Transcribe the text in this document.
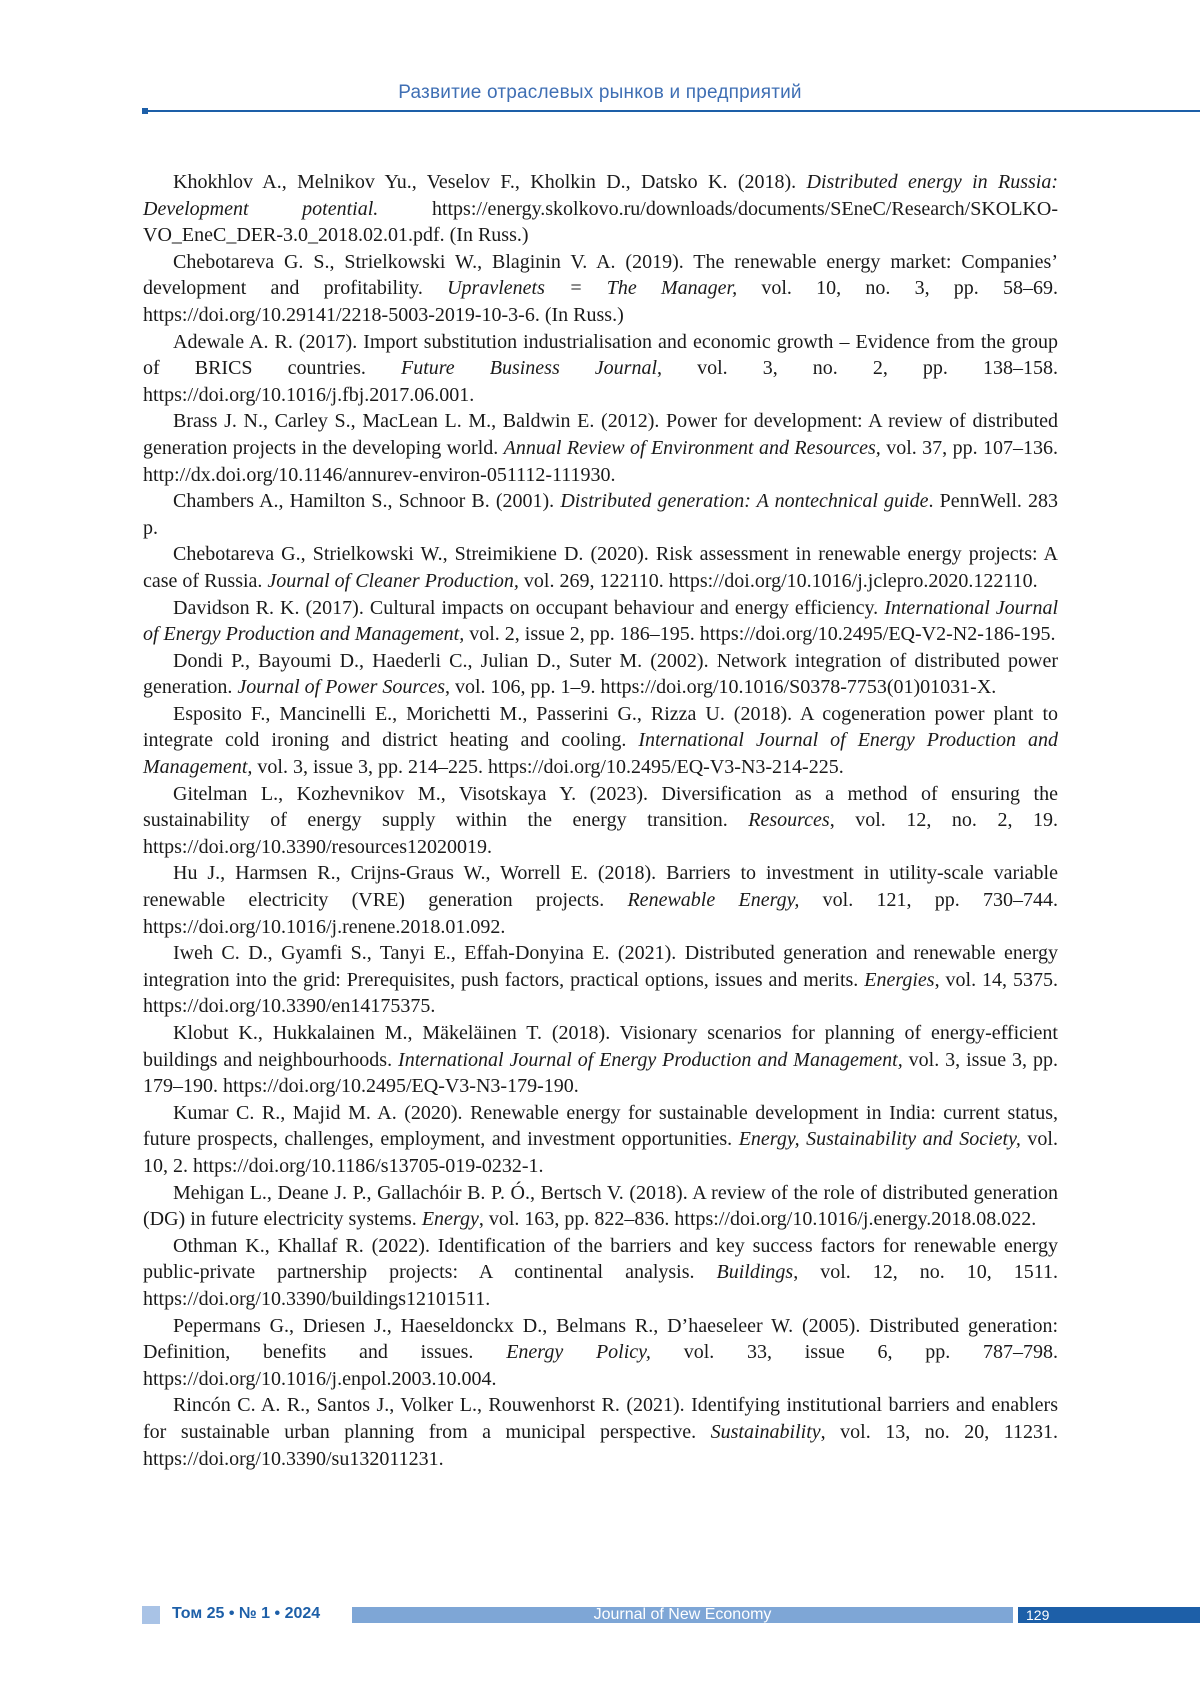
Развитие отраслевых рынков и предприятий

Khokhlov A., Melnikov Yu., Veselov F., Kholkin D., Datsko K. (2018). Distributed energy in Russia: Development potential. https://energy.skolkovo.ru/downloads/documents/SEneC/Research/SKOLKO­VO_EneC_DER-3.0_2018.02.01.pdf. (In Russ.)

Chebotareva G. S., Strielkowski W., Blaginin V. A. (2019). The renewable energy market: Companies’ development and profitability. Upravlenets = The Manager, vol. 10, no. 3, pp. 58–69. https://doi.org/10.29141/2218-5003-2019-10-3-6. (In Russ.)

Adewale A. R. (2017). Import substitution industrialisation and economic growth – Evidence from the group of BRICS countries. Future Business Journal, vol. 3, no. 2, pp. 138–158. https://doi.org/10.1016/j.fbj.2017.06.001.

Brass J. N., Carley S., MacLean L. M., Baldwin E. (2012). Power for development: A review of distributed generation projects in the developing world. Annual Review of Environment and Resources, vol. 37, pp. 107–136. http://dx.doi.org/10.1146/annurev-environ-051112-111930.

Chambers A., Hamilton S., Schnoor B. (2001). Distributed generation: A nontechnical guide. PennWell. 283 p.

Chebotareva G., Strielkowski W., Streimikiene D. (2020). Risk assessment in renewable energy projects: A case of Russia. Journal of Cleaner Production, vol. 269, 122110. https://doi.org/10.1016/j.jclepro.2020.122110.

Davidson R. K. (2017). Cultural impacts on occupant behaviour and energy efficiency. International Journal of Energy Production and Management, vol. 2, issue 2, pp. 186–195. https://doi.org/10.2495/EQ-V2-N2-186-195.

Dondi P., Bayoumi D., Haederli C., Julian D., Suter M. (2002). Network integration of distributed power generation. Journal of Power Sources, vol. 106, pp. 1–9. https://doi.org/10.1016/S0378-7753(01)01031-X.

Esposito F., Mancinelli E., Morichetti M., Passerini G., Rizza U. (2018). A cogeneration power plant to integrate cold ironing and district heating and cooling. International Journal of Energy Production and Management, vol. 3, issue 3, pp. 214–225. https://doi.org/10.2495/EQ-V3-N3-214-225.

Gitelman L., Kozhevnikov M., Visotskaya Y. (2023). Diversification as a method of ensuring the sustainability of energy supply within the energy transition. Resources, vol. 12, no. 2, 19. https://doi.org/10.3390/resources12020019.

Hu J., Harmsen R., Crijns-Graus W., Worrell E. (2018). Barriers to investment in utility-scale variable renewable electricity (VRE) generation projects. Renewable Energy, vol. 121, pp. 730–744. https://doi.org/10.1016/j.renene.2018.01.092.

Iweh C. D., Gyamfi S., Tanyi E., Effah-Donyina E. (2021). Distributed generation and renewable energy integration into the grid: Prerequisites, push factors, practical options, issues and merits. Energies, vol. 14, 5375. https://doi.org/10.3390/en14175375.

Klobut K., Hukkalainen M., Mäkeläinen T. (2018). Visionary scenarios for planning of energy-efficient buildings and neighbourhoods. International Journal of Energy Production and Management, vol. 3, issue 3, pp. 179–190. https://doi.org/10.2495/EQ-V3-N3-179-190.

Kumar C. R., Majid M. A. (2020). Renewable energy for sustainable development in India: current status, future prospects, challenges, employment, and investment opportunities. Energy, Sustainability and Society, vol. 10, 2. https://doi.org/10.1186/s13705-019-0232-1.

Mehigan L., Deane J. P., Gallachóir B. P. Ó., Bertsch V. (2018). A review of the role of distributed generation (DG) in future electricity systems. Energy, vol. 163, pp. 822–836. https://doi.org/10.1016/j.energy.2018.08.022.

Othman K., Khallaf R. (2022). Identification of the barriers and key success factors for renewable energy public-private partnership projects: A continental analysis. Buildings, vol. 12, no. 10, 1511. https://doi.org/10.3390/buildings12101511.

Pepermans G., Driesen J., Haeseldonckx D., Belmans R., D’haeseleer W. (2005). Distributed generation: Definition, benefits and issues. Energy Policy, vol. 33, issue 6, pp. 787–798. https://doi.org/10.1016/j.enpol.2003.10.004.

Rincón C. A. R., Santos J., Volker L., Rouwenhorst R. (2021). Identifying institutional barriers and enablers for sustainable urban planning from a municipal perspective. Sustainability, vol. 13, no. 20, 11231. https://doi.org/10.3390/su132011231.

Том 25 • № 1 • 2024	Journal of New Economy	129
